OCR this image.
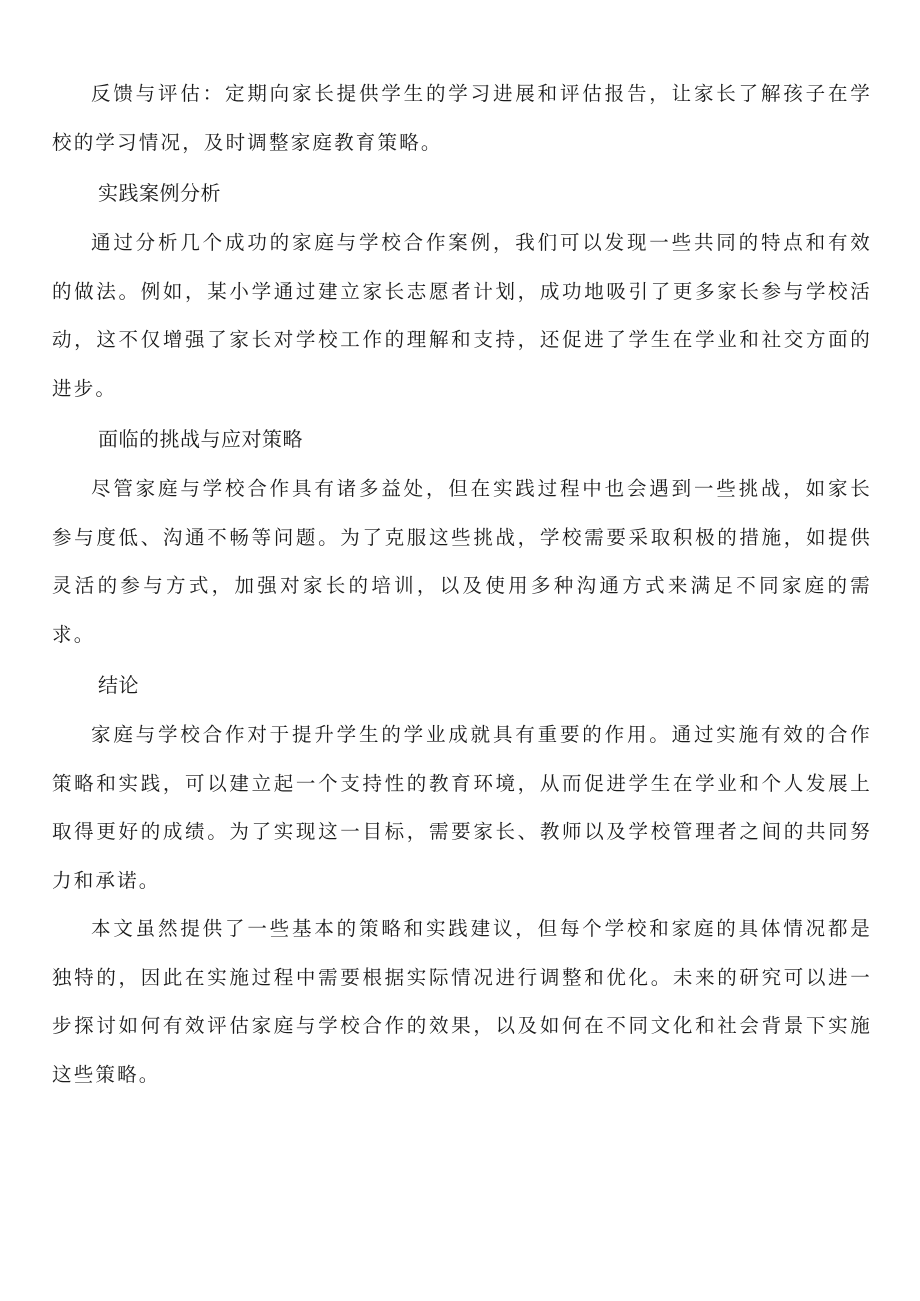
反馈与评估：定期向家长提供学生的学习进展和评估报告，让家长了解孩子在学校的学习情况，及时调整家庭教育策略。

实践案例分析

通过分析几个成功的家庭与学校合作案例，我们可以发现一些共同的特点和有效的做法。例如，某小学通过建立家长志愿者计划，成功地吸引了更多家长参与学校活动，这不仅增强了家长对学校工作的理解和支持，还促进了学生在学业和社交方面的进步。

面临的挑战与应对策略

尽管家庭与学校合作具有诸多益处，但在实践过程中也会遇到一些挑战，如家长参与度低、沟通不畅等问题。为了克服这些挑战，学校需要采取积极的措施，如提供灵活的参与方式，加强对家长的培训，以及使用多种沟通方式来满足不同家庭的需求。

结论

家庭与学校合作对于提升学生的学业成就具有重要的作用。通过实施有效的合作策略和实践，可以建立起一个支持性的教育环境，从而促进学生在学业和个人发展上取得更好的成绩。为了实现这一目标，需要家长、教师以及学校管理者之间的共同努力和承诺。

本文虽然提供了一些基本的策略和实践建议，但每个学校和家庭的具体情况都是独特的，因此在实施过程中需要根据实际情况进行调整和优化。未来的研究可以进一步探讨如何有效评估家庭与学校合作的效果，以及如何在不同文化和社会背景下实施这些策略。
